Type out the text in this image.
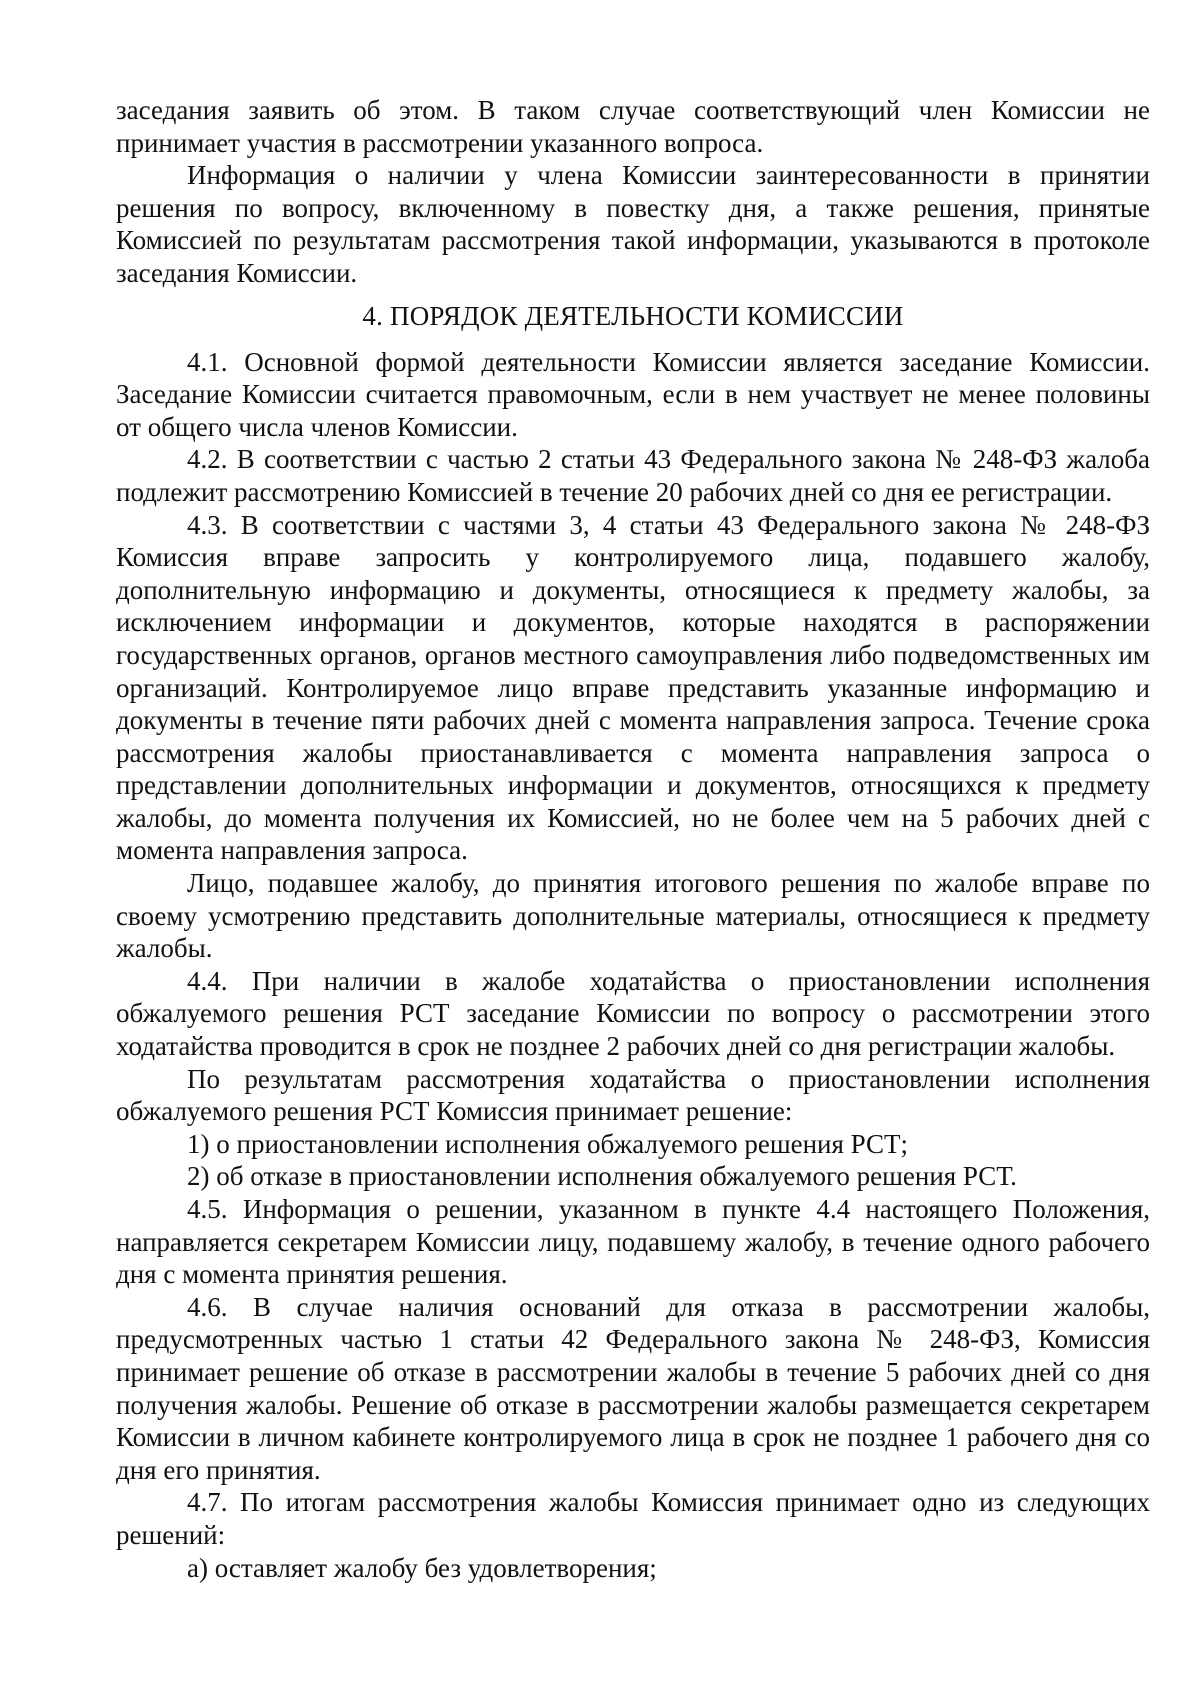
заседания заявить об этом. В таком случае соответствующий член Комиссии не принимает участия в рассмотрении указанного вопроса.

Информация о наличии у члена Комиссии заинтересованности в принятии решения по вопросу, включенному в повестку дня, а также решения, принятые Комиссией по результатам рассмотрения такой информации, указываются в протоколе заседания Комиссии.

4. ПОРЯДОК ДЕЯТЕЛЬНОСТИ КОМИССИИ

4.1. Основной формой деятельности Комиссии является заседание Комиссии. Заседание Комиссии считается правомочным, если в нем участвует не менее половины от общего числа членов Комиссии.

4.2. В соответствии с частью 2 статьи 43 Федерального закона № 248-ФЗ жалоба подлежит рассмотрению Комиссией в течение 20 рабочих дней со дня ее регистрации.

4.3. В соответствии с частями 3, 4 статьи 43 Федерального закона № 248-ФЗ Комиссия вправе запросить у контролируемого лица, подавшего жалобу, дополнительную информацию и документы, относящиеся к предмету жалобы, за исключением информации и документов, которые находятся в распоряжении государственных органов, органов местного самоуправления либо подведомственных им организаций. Контролируемое лицо вправе представить указанные информацию и документы в течение пяти рабочих дней с момента направления запроса. Течение срока рассмотрения жалобы приостанавливается с момента направления запроса о представлении дополнительных информации и документов, относящихся к предмету жалобы, до момента получения их Комиссией, но не более чем на 5 рабочих дней с момента направления запроса.

Лицо, подавшее жалобу, до принятия итогового решения по жалобе вправе по своему усмотрению представить дополнительные материалы, относящиеся к предмету жалобы.

4.4. При наличии в жалобе ходатайства о приостановлении исполнения обжалуемого решения РСТ заседание Комиссии по вопросу о рассмотрении этого ходатайства проводится в срок не позднее 2 рабочих дней со дня регистрации жалобы.

По результатам рассмотрения ходатайства о приостановлении исполнения обжалуемого решения РСТ Комиссия принимает решение:

1) о приостановлении исполнения обжалуемого решения РСТ;

2) об отказе в приостановлении исполнения обжалуемого решения РСТ.

4.5. Информация о решении, указанном в пункте 4.4 настоящего Положения, направляется секретарем Комиссии лицу, подавшему жалобу, в течение одного рабочего дня с момента принятия решения.

4.6. В случае наличия оснований для отказа в рассмотрении жалобы, предусмотренных частью 1 статьи 42 Федерального закона № 248-ФЗ, Комиссия принимает решение об отказе в рассмотрении жалобы в течение 5 рабочих дней со дня получения жалобы. Решение об отказе в рассмотрении жалобы размещается секретарем Комиссии в личном кабинете контролируемого лица в срок не позднее 1 рабочего дня со дня его принятия.

4.7. По итогам рассмотрения жалобы Комиссия принимает одно из следующих решений:

а) оставляет жалобу без удовлетворения;
